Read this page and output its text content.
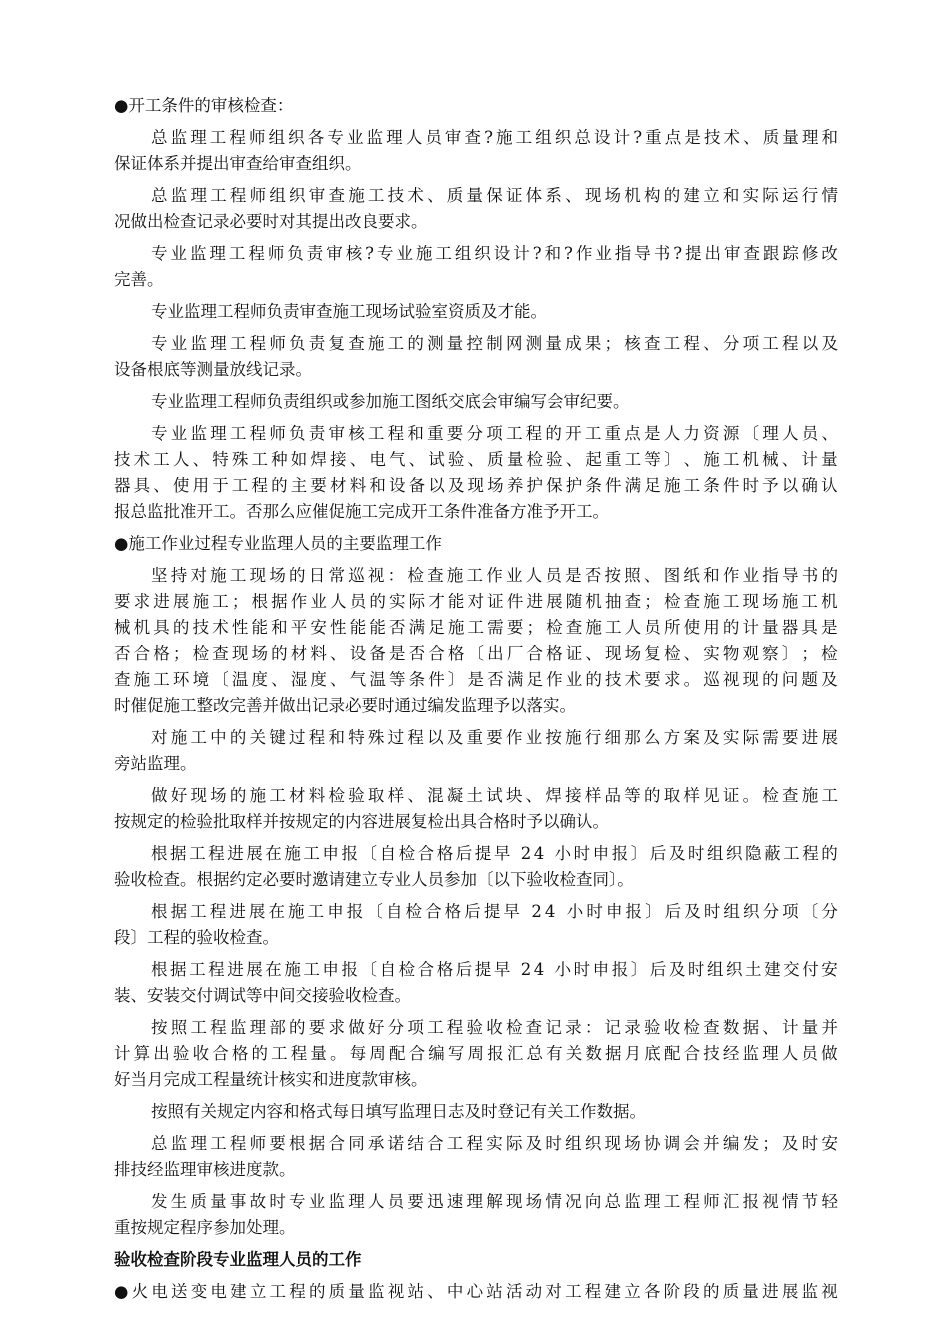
●开工条件的审核检查：
总 监 理 工 程 师 组 织 各 专 业 监 理 人 员 审 查 ? 施 工 组 织 总 设 计 ? 重 点 是 技 术 、 质 量 理 和
保证体系并提出审查给审查组织。
总 监 理 工 程 师 组 织 审 查 施 工 技 术 、 质 量 保 证 体 系 、 现 场 机 构 的 建 立 和 实 际 运 行 情
况做出检查记录必要时对其提出改良要求。
专 业 监 理 工 程 师 负 责 审 核 ? 专 业 施 工 组 织 设 计 ? 和 ? 作 业 指 导 书 ? 提 出 审 查 跟 踪 修 改
完善。
专业监理工程师负责审查施工现场试验室资质及才能。
专 业 监 理 工 程 师 负 责 复 查 施 工 的 测 量 控 制 网 测 量 成 果 ； 核 查 工 程 、 分 项 工 程 以 及
设备根底等测量放线记录。
专业监理工程师负责组织或参加施工图纸交底会审编写会审纪要。
专 业 监 理 工 程 师 负 责 审 核 工 程 和 重 要 分 项 工 程 的 开 工 重 点 是 人 力 资 源 〔 理 人 员 、
技 术 工 人 、 特 殊 工 种 如 焊 接 、 电 气 、 试 验 、 质 量 检 验 、 起 重 工 等 〕 、 施 工 机 械 、 计 量
器 具 、 使 用 于 工 程 的 主 要 材 料 和 设 备 以 及 现 场 养 护 保 护 条 件 满 足 施 工 条 件 时 予 以 确 认
报总监批准开工。否那么应催促施工完成开工条件准备方准予开工。
●施工作业过程专业监理人员的主要监理工作
坚 持 对 施 工 现 场 的 日 常 巡 视 ： 检 查 施 工 作 业 人 员 是 否 按 照 、 图 纸 和 作 业 指 导 书 的
要 求 进 展 施 工 ； 根 据 作 业 人 员 的 实 际 才 能 对 证 件 进 展 随 机 抽 查 ； 检 查 施 工 现 场 施 工 机
械 机 具 的 技 术 性 能 和 平 安 性 能 能 否 满 足 施 工 需 要 ； 检 查 施 工 人 员 所 使 用 的 计 量 器 具 是
否 合 格 ； 检 查 现 场 的 材 料 、 设 备 是 否 合 格 〔 出 厂 合 格 证 、 现 场 复 检 、 实 物 观 察 〕 ； 检
查 施 工 环 境 〔 温 度 、 湿 度 、 气 温 等 条 件 〕 是 否 满 足 作 业 的 技 术 要 求 。 巡 视 现 的 问 题 及
时催促施工整改完善并做出记录必要时通过编发监理予以落实。
对 施 工 中 的 关 键 过 程 和 特 殊 过 程 以 及 重 要 作 业 按 施 行 细 那 么 方 案 及 实 际 需 要 进 展
旁站监理。
做 好 现 场 的 施 工 材 料 检 验 取 样 、 混 凝 土 试 块 、 焊 接 样 品 等 的 取 样 见 证 。 检 查 施 工
按规定的检验批取样并按规定的内容进展复检出具合格时予以确认。
根 据 工 程 进 展 在 施 工 申 报 〔 自 检 合 格 后 提 早
2 4
小 时 申 报 〕 后 及 时 组 织 隐 蔽 工 程 的
验收检查。根据约定必要时邀请建立专业人员参加〔以下验收检查同〕。
根 据 工 程 进 展 在 施 工 申 报 〔 自 检 合 格 后 提 早
2 4
小 时 申 报 〕 后 及 时 组 织 分 项 〔 分
段〕工程的验收检查。
根 据 工 程 进 展 在 施 工 申 报 〔 自 检 合 格 后 提 早
2 4
小 时 申 报 〕 后 及 时 组 织 土 建 交 付 安
装、安装交付调试等中间交接验收检查。
按 照 工 程 监 理 部 的 要 求 做 好 分 项 工 程 验 收 检 查 记 录 ： 记 录 验 收 检 查 数 据 、 计 量 并
计 算 出 验 收 合 格 的 工 程 量 。 每 周 配 合 编 写 周 报 汇 总 有 关 数 据 月 底 配 合 技 经 监 理 人 员 做
好当月完成工程量统计核实和进度款审核。
按照有关规定内容和格式每日填写监理日志及时登记有关工作数据。
总 监 理 工 程 师 要 根 据 合 同 承 诺 结 合 工 程 实 际 及 时 组 织 现 场 协 调 会 并 编 发 ； 及 时 安
排技经监理审核进度款。
发 生 质 量 事 故 时 专 业 监 理 人 员 要 迅 速 理 解 现 场 情 况 向 总 监 理 工 程 师 汇 报 视 情 节 轻
重按规定程序参加处理。
验收检查阶段专业监理人员的工作
● 火 电 送 变 电 建 立 工 程 的 质 量 监 视 站 、 中 心 站 活 动 对 工 程 建 立 各 阶 段 的 质 量 进 展 监 视
